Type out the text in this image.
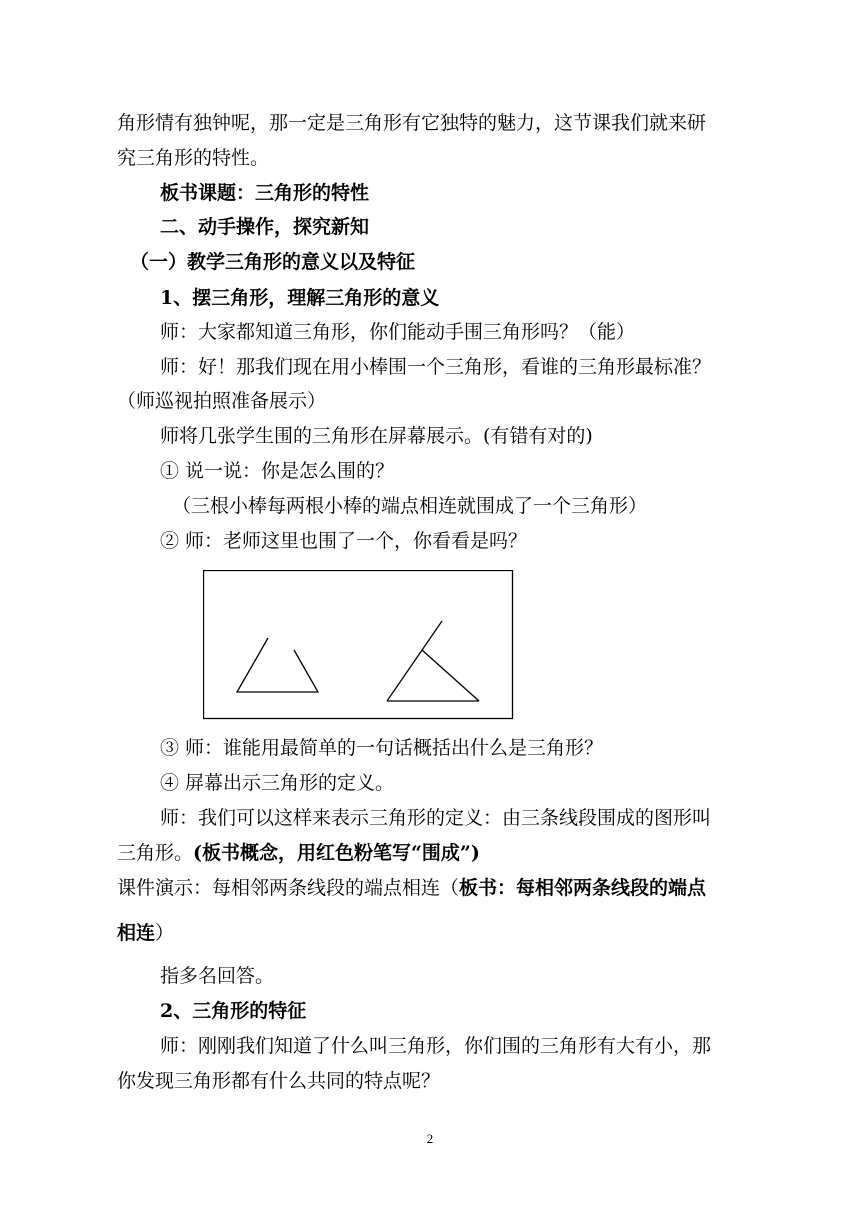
角形情有独钟呢，那一定是三角形有它独特的魅力，这节课我们就来研
究三角形的特性。
板书课题：三角形的特性
二、动手操作，探究新知
（一）教学三角形的意义以及特征
1、摆三角形，理解三角形的意义
师：大家都知道三角形，你们能动手围三角形吗？（能）
师：好！那我们现在用小棒围一个三角形，看谁的三角形最标准？
（师巡视拍照准备展示）
师将几张学生围的三角形在屏幕展示。(有错有对的)
① 说一说：你是怎么围的？
（三根小棒每两根小棒的端点相连就围成了一个三角形）
② 师：老师这里也围了一个，你看看是吗？
③ 师：谁能用最简单的一句话概括出什么是三角形？
④ 屏幕出示三角形的定义。
师：我们可以这样来表示三角形的定义：由三条线段围成的图形叫
三角形。(板书概念，用红色粉笔写“围成”)
课件演示：每相邻两条线段的端点相连（板书：每相邻两条线段的端点
相连）
指多名回答。
2、三角形的特征
师：刚刚我们知道了什么叫三角形，你们围的三角形有大有小，那
你发现三角形都有什么共同的特点呢？
2
